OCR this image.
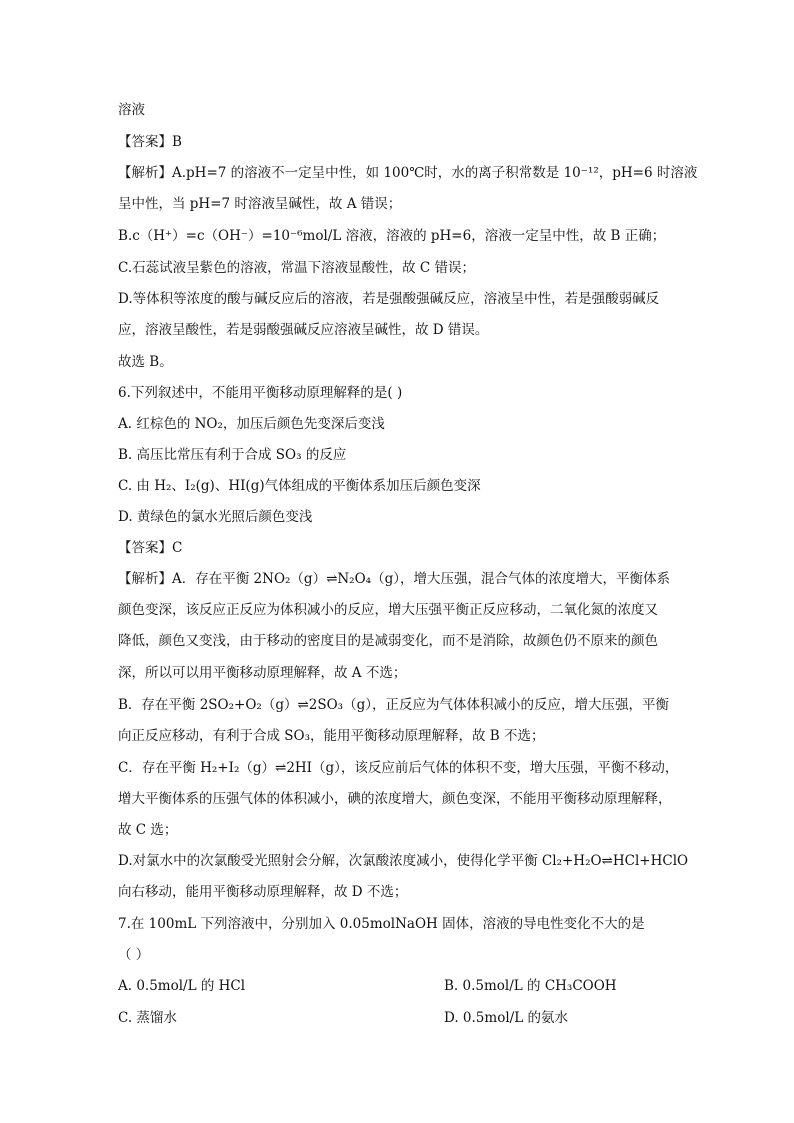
溶液
【答案】B
【解析】A.pH=7 的溶液不一定呈中性，如 100℃时，水的离子积常数是 10⁻¹²，pH=6 时溶液
呈中性，当 pH=7 时溶液呈碱性，故 A 错误；
B.c（H⁺）=c（OH⁻）=10⁻⁶mol/L 溶液，溶液的 pH=6，溶液一定呈中性，故 B 正确；
C.石蕊试液呈紫色的溶液，常温下溶液显酸性，故 C 错误；
D.等体积等浓度的酸与碱反应后的溶液，若是强酸强碱反应，溶液呈中性，若是强酸弱碱反
应，溶液呈酸性，若是弱酸强碱反应溶液呈碱性，故 D 错误。
故选 B。
6.下列叙述中，不能用平衡移动原理解释的是( )
A. 红棕色的 NO₂，加压后颜色先变深后变浅
B. 高压比常压有利于合成 SO₃ 的反应
C. 由 H₂、I₂(g)、HI(g)气体组成的平衡体系加压后颜色变深
D. 黄绿色的氯水光照后颜色变浅
【答案】C
【解析】A．存在平衡 2NO₂（g）⇌N₂O₄（g），增大压强，混合气体的浓度增大，平衡体系
颜色变深，该反应正反应为体积减小的反应，增大压强平衡正反应移动，二氧化氮的浓度又
降低，颜色又变浅，由于移动的密度目的是减弱变化，而不是消除，故颜色仍不原来的颜色
深，所以可以用平衡移动原理解释，故 A 不选；
B．存在平衡 2SO₂+O₂（g）⇌2SO₃（g），正反应为气体体积减小的反应，增大压强，平衡
向正反应移动，有利于合成 SO₃，能用平衡移动原理解释，故 B 不选；
C．存在平衡 H₂+I₂（g）⇌2HI（g），该反应前后气体的体积不变，增大压强，平衡不移动，
增大平衡体系的压强气体的体积减小，碘的浓度增大，颜色变深，不能用平衡移动原理解释，
故 C 选；
D.对氯水中的次氯酸受光照射会分解，次氯酸浓度减小，使得化学平衡 Cl₂+H₂O⇌HCl+HClO
向右移动，能用平衡移动原理解释，故 D 不选；
7.在 100mL 下列溶液中，分别加入 0.05molNaOH 固体，溶液的导电性变化不大的是
（ ）
A. 0.5mol/L 的 HCl	B. 0.5mol/L 的 CH₃COOH
C. 蒸馏水	D. 0.5mol/L 的氨水
